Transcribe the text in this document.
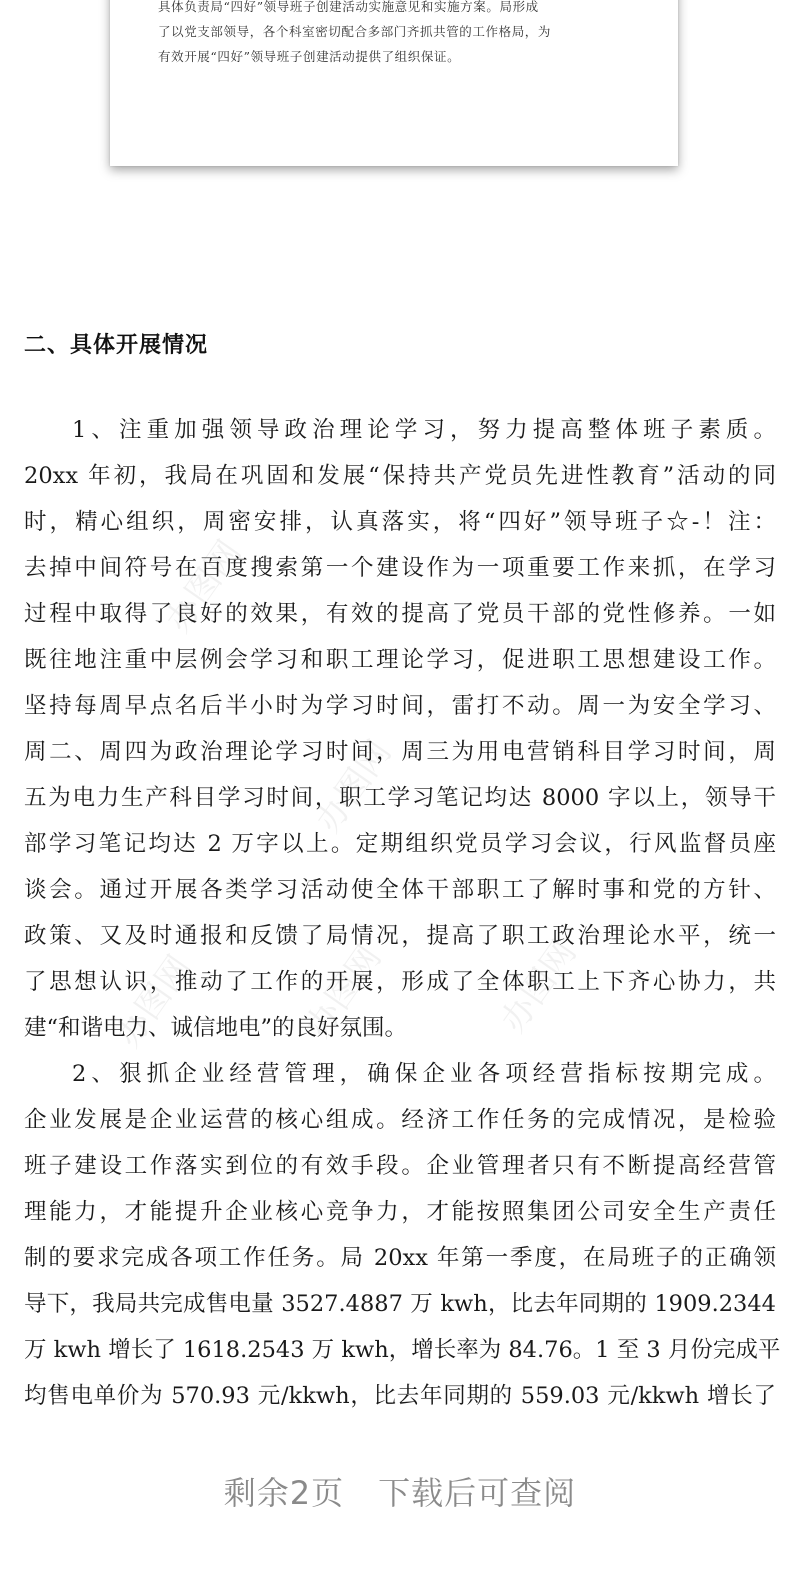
具体负责局“四好”领导班子创建活动实施意见和实施方案。局形成
了以党支部领导，各个科室密切配合多部门齐抓共管的工作格局，为
有效开展“四好”领导班子创建活动提供了组织保证。
二、具体开展情况
办图网
办图网
办图网	办图网	办图网
1、注重加强领导政治理论学习，努力提高整体班子素质。
20xx 年初，我局在巩固和发展“保持共产党员先进性教育”活动的同
时，精心组织，周密安排，认真落实，将“四好”领导班子☆-！注：
去掉中间符号在百度搜索第一个建设作为一项重要工作来抓，在学习
过程中取得了良好的效果，有效的提高了党员干部的党性修养。一如
既往地注重中层例会学习和职工理论学习，促进职工思想建设工作。
坚持每周早点名后半小时为学习时间，雷打不动。周一为安全学习、
周二、周四为政治理论学习时间，周三为用电营销科目学习时间，周
五为电力生产科目学习时间，职工学习笔记均达 8000 字以上，领导干
部学习笔记均达 2 万字以上。定期组织党员学习会议，行风监督员座
谈会。通过开展各类学习活动使全体干部职工了解时事和党的方针、
政策、又及时通报和反馈了局情况，提高了职工政治理论水平，统一
了思想认识，推动了工作的开展，形成了全体职工上下齐心协力，共
建“和谐电力、诚信地电”的良好氛围。
2、狠抓企业经营管理，确保企业各项经营指标按期完成。
企业发展是企业运营的核心组成。经济工作任务的完成情况，是检验
班子建设工作落实到位的有效手段。企业管理者只有不断提高经营管
理能力，才能提升企业核心竞争力，才能按照集团公司安全生产责任
制的要求完成各项工作任务。局 20xx 年第一季度，在局班子的正确领
导下，我局共完成售电量 3527.4887 万 kwh，比去年同期的 1909.2344
万 kwh 增长了 1618.2543 万 kwh，增长率为 84.76。1 至 3 月份完成平
均售电单价为 570.93 元/kkwh，比去年同期的 559.03 元/kkwh 增长了
剩余2页 下载后可查阅
